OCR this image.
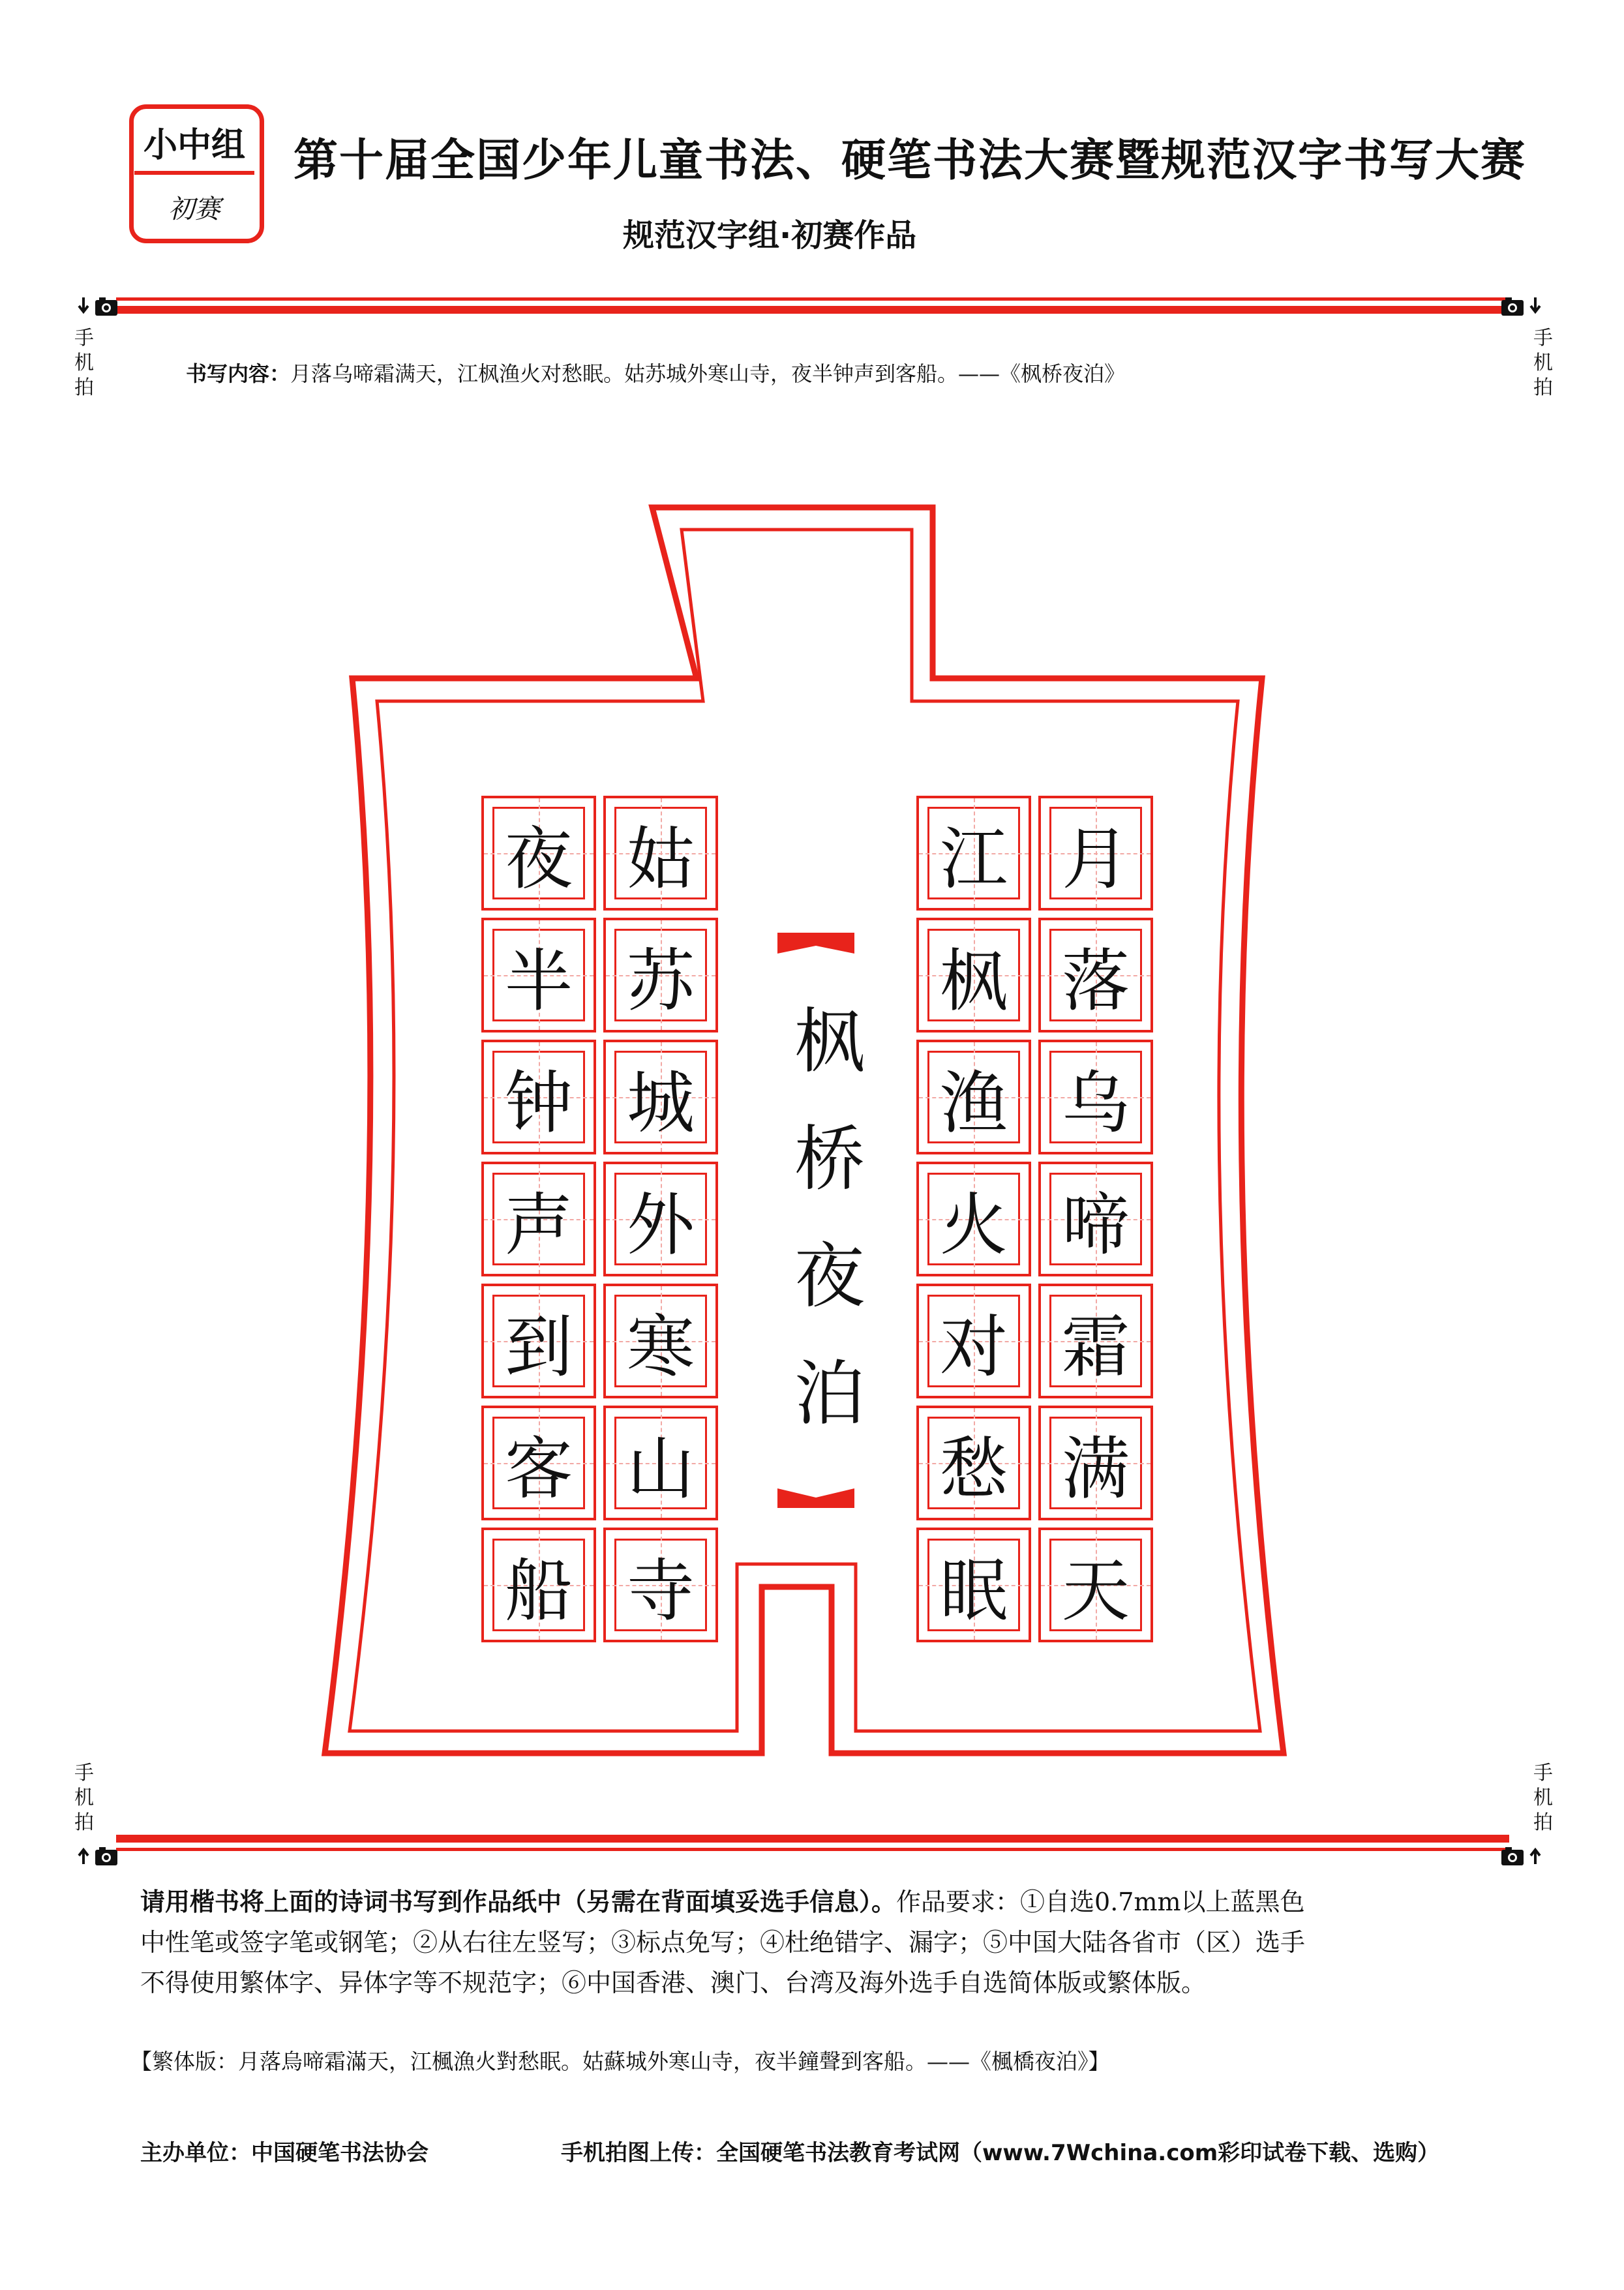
小中组
初赛
第十届全国少年儿童书法、硬笔书法大赛暨规范汉字书写大赛
规范汉字组·初赛作品
手
机
拍
手
机
拍
书写内容：月落乌啼霜满天，江枫渔火对愁眠。姑苏城外寒山寺，夜半钟声到客船。——《枫桥夜泊》
月
落
乌
啼
霜
满
天
江
枫
渔
火
对
愁
眠
姑
苏
城
外
寒
山
寺
夜
半
钟
声
到
客
船
枫
桥
夜
泊
手
机
拍
手
机
拍
请用楷书将上面的诗词书写到作品纸中（另需在背面填妥选手信息）。作品要求：①自选0.7mm以上蓝黑色
中性笔或签字笔或钢笔；②从右往左竖写；③标点免写；④杜绝错字、漏字；⑤中国大陆各省市（区）选手
不得使用繁体字、异体字等不规范字；⑥中国香港、澳门、台湾及海外选手自选简体版或繁体版。
【繁体版：月落烏啼霜滿天，江楓漁火對愁眠。姑蘇城外寒山寺，夜半鐘聲到客船。——《楓橋夜泊》】
主办单位：中国硬笔书法协会	手机拍图上传：全国硬笔书法教育考试网（www.7Wchina.com彩印试卷下载、选购）
